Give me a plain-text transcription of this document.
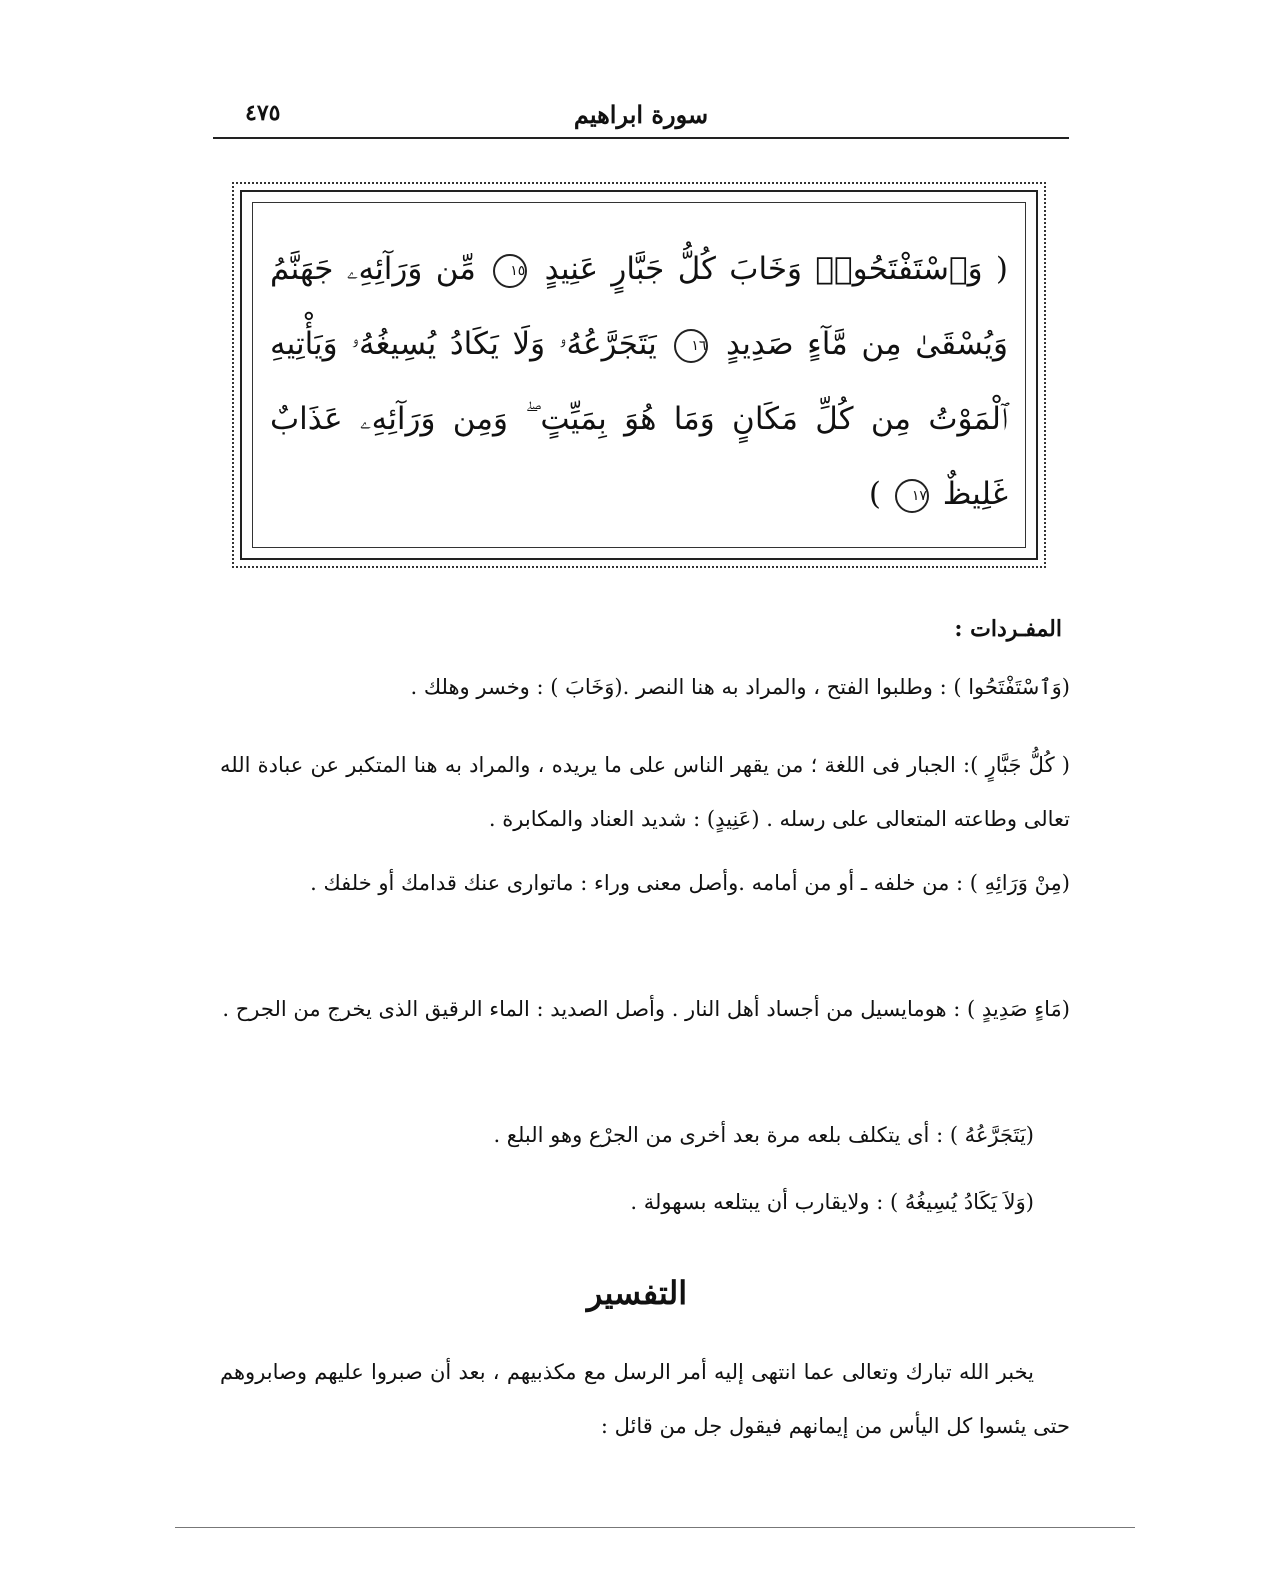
سورة ابراهيم
٤٧٥
( وَٱسْتَفْتَحُوا۟ وَخَابَ كُلُّ جَبَّارٍ عَنِيدٍ ١٥ مِّن وَرَآئِهِۦ جَهَنَّمُ وَيُسْقَىٰ مِن مَّآءٍ صَدِيدٍ ١٦ يَتَجَرَّعُهُۥ وَلَا يَكَادُ يُسِيغُهُۥ وَيَأْتِيهِ ٱلْمَوْتُ مِن كُلِّ مَكَانٍ وَمَا هُوَ بِمَيِّتٍ ۖ وَمِن وَرَآئِهِۦ عَذَابٌ غَلِيظٌ ١٧ )
المفـردات :
(وَٱسْتَفْتَحُوا ) : وطلبوا الفتح ، والمراد به هنا النصر .(وَخَابَ ) : وخسر وهلك .
( كُلُّ جَبَّارٍ ): الجبار فى اللغة ؛ من يقهر الناس على ما يريده ، والمراد به هنا المتكبر عن عبادة الله تعالى وطاعته المتعالى على رسله . (عَنِيدٍ) : شديد العناد والمكابرة .
(مِنْ وَرَائِهِ ) : من خلفه ـ أو من أمامه .وأصل معنى وراء : ماتوارى عنك قدامك أو خلفك .
(مَاءٍ صَدِيدٍ ) : هومايسيل من أجساد أهل النار . وأصل الصديد : الماء الرقيق الذى يخرج من الجرح .
(يَتَجَرَّعُهُ ) : أى يتكلف بلعه مرة بعد أخرى من الجرْع وهو البلع .
(وَلاَ يَكَادُ يُسِيغُهُ ) : ولايقارب أن يبتلعه بسهولة .
التفسير
يخبر الله تبارك وتعالى عما انتهى إليه أمر الرسل مع مكذبيهم ، بعد أن صبروا عليهم وصابروهم حتى يئسوا كل اليأس من إيمانهم فيقول جل من قائل :
